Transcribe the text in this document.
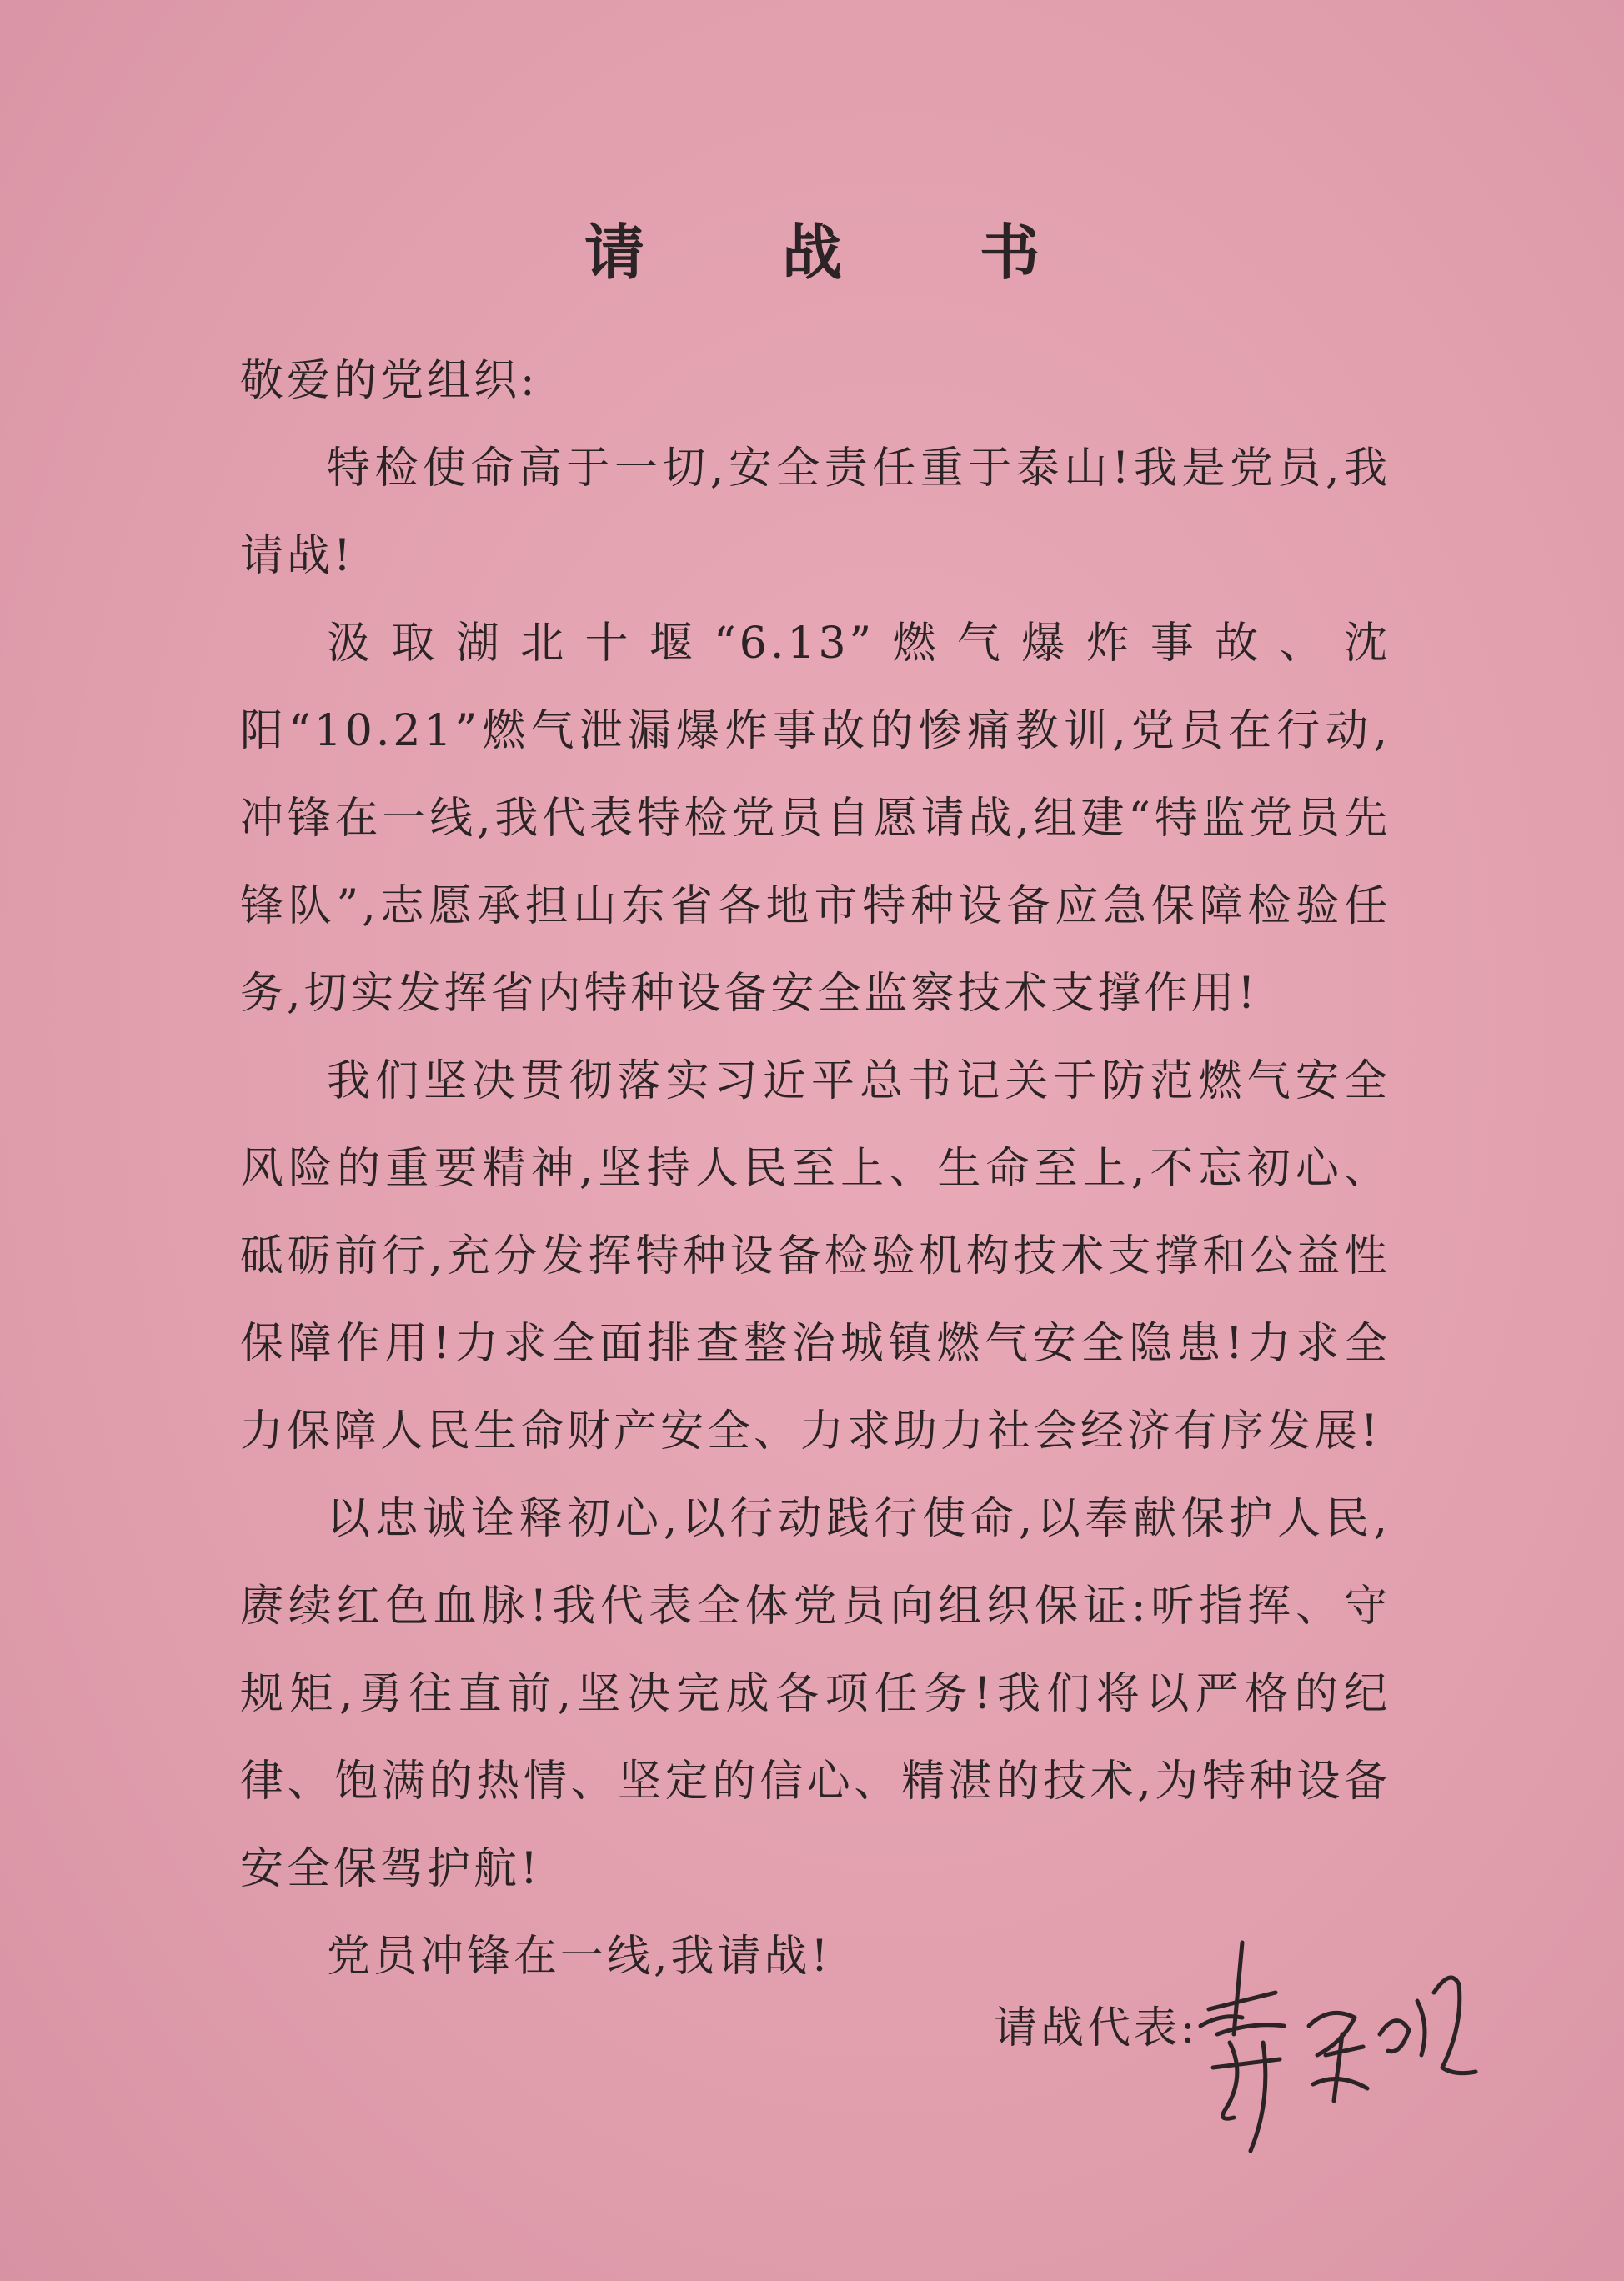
请 战 书

敬爱的党组织:

特检使命高于一切,安全责任重于泰山!我是党员,我请战!

汲取湖北十堰“6.13”燃气爆炸事故、沈阳“10.21”燃气泄漏爆炸事故的惨痛教训,党员在行动,冲锋在一线,我代表特检党员自愿请战,组建“特监党员先锋队”,志愿承担山东省各地市特种设备应急保障检验任务,切实发挥省内特种设备安全监察技术支撑作用!

我们坚决贯彻落实习近平总书记关于防范燃气安全风险的重要精神,坚持人民至上、生命至上,不忘初心、砥砺前行,充分发挥特种设备检验机构技术支撑和公益性保障作用!力求全面排查整治城镇燃气安全隐患!力求全力保障人民生命财产安全、力求助力社会经济有序发展!

以忠诚诠释初心,以行动践行使命,以奉献保护人民,赓续红色血脉!我代表全体党员向组织保证:听指挥、守规矩,勇往直前,坚决完成各项任务!我们将以严格的纪律、饱满的热情、坚定的信心、精湛的技术,为特种设备安全保驾护航!

党员冲锋在一线,我请战!

请战代表:
